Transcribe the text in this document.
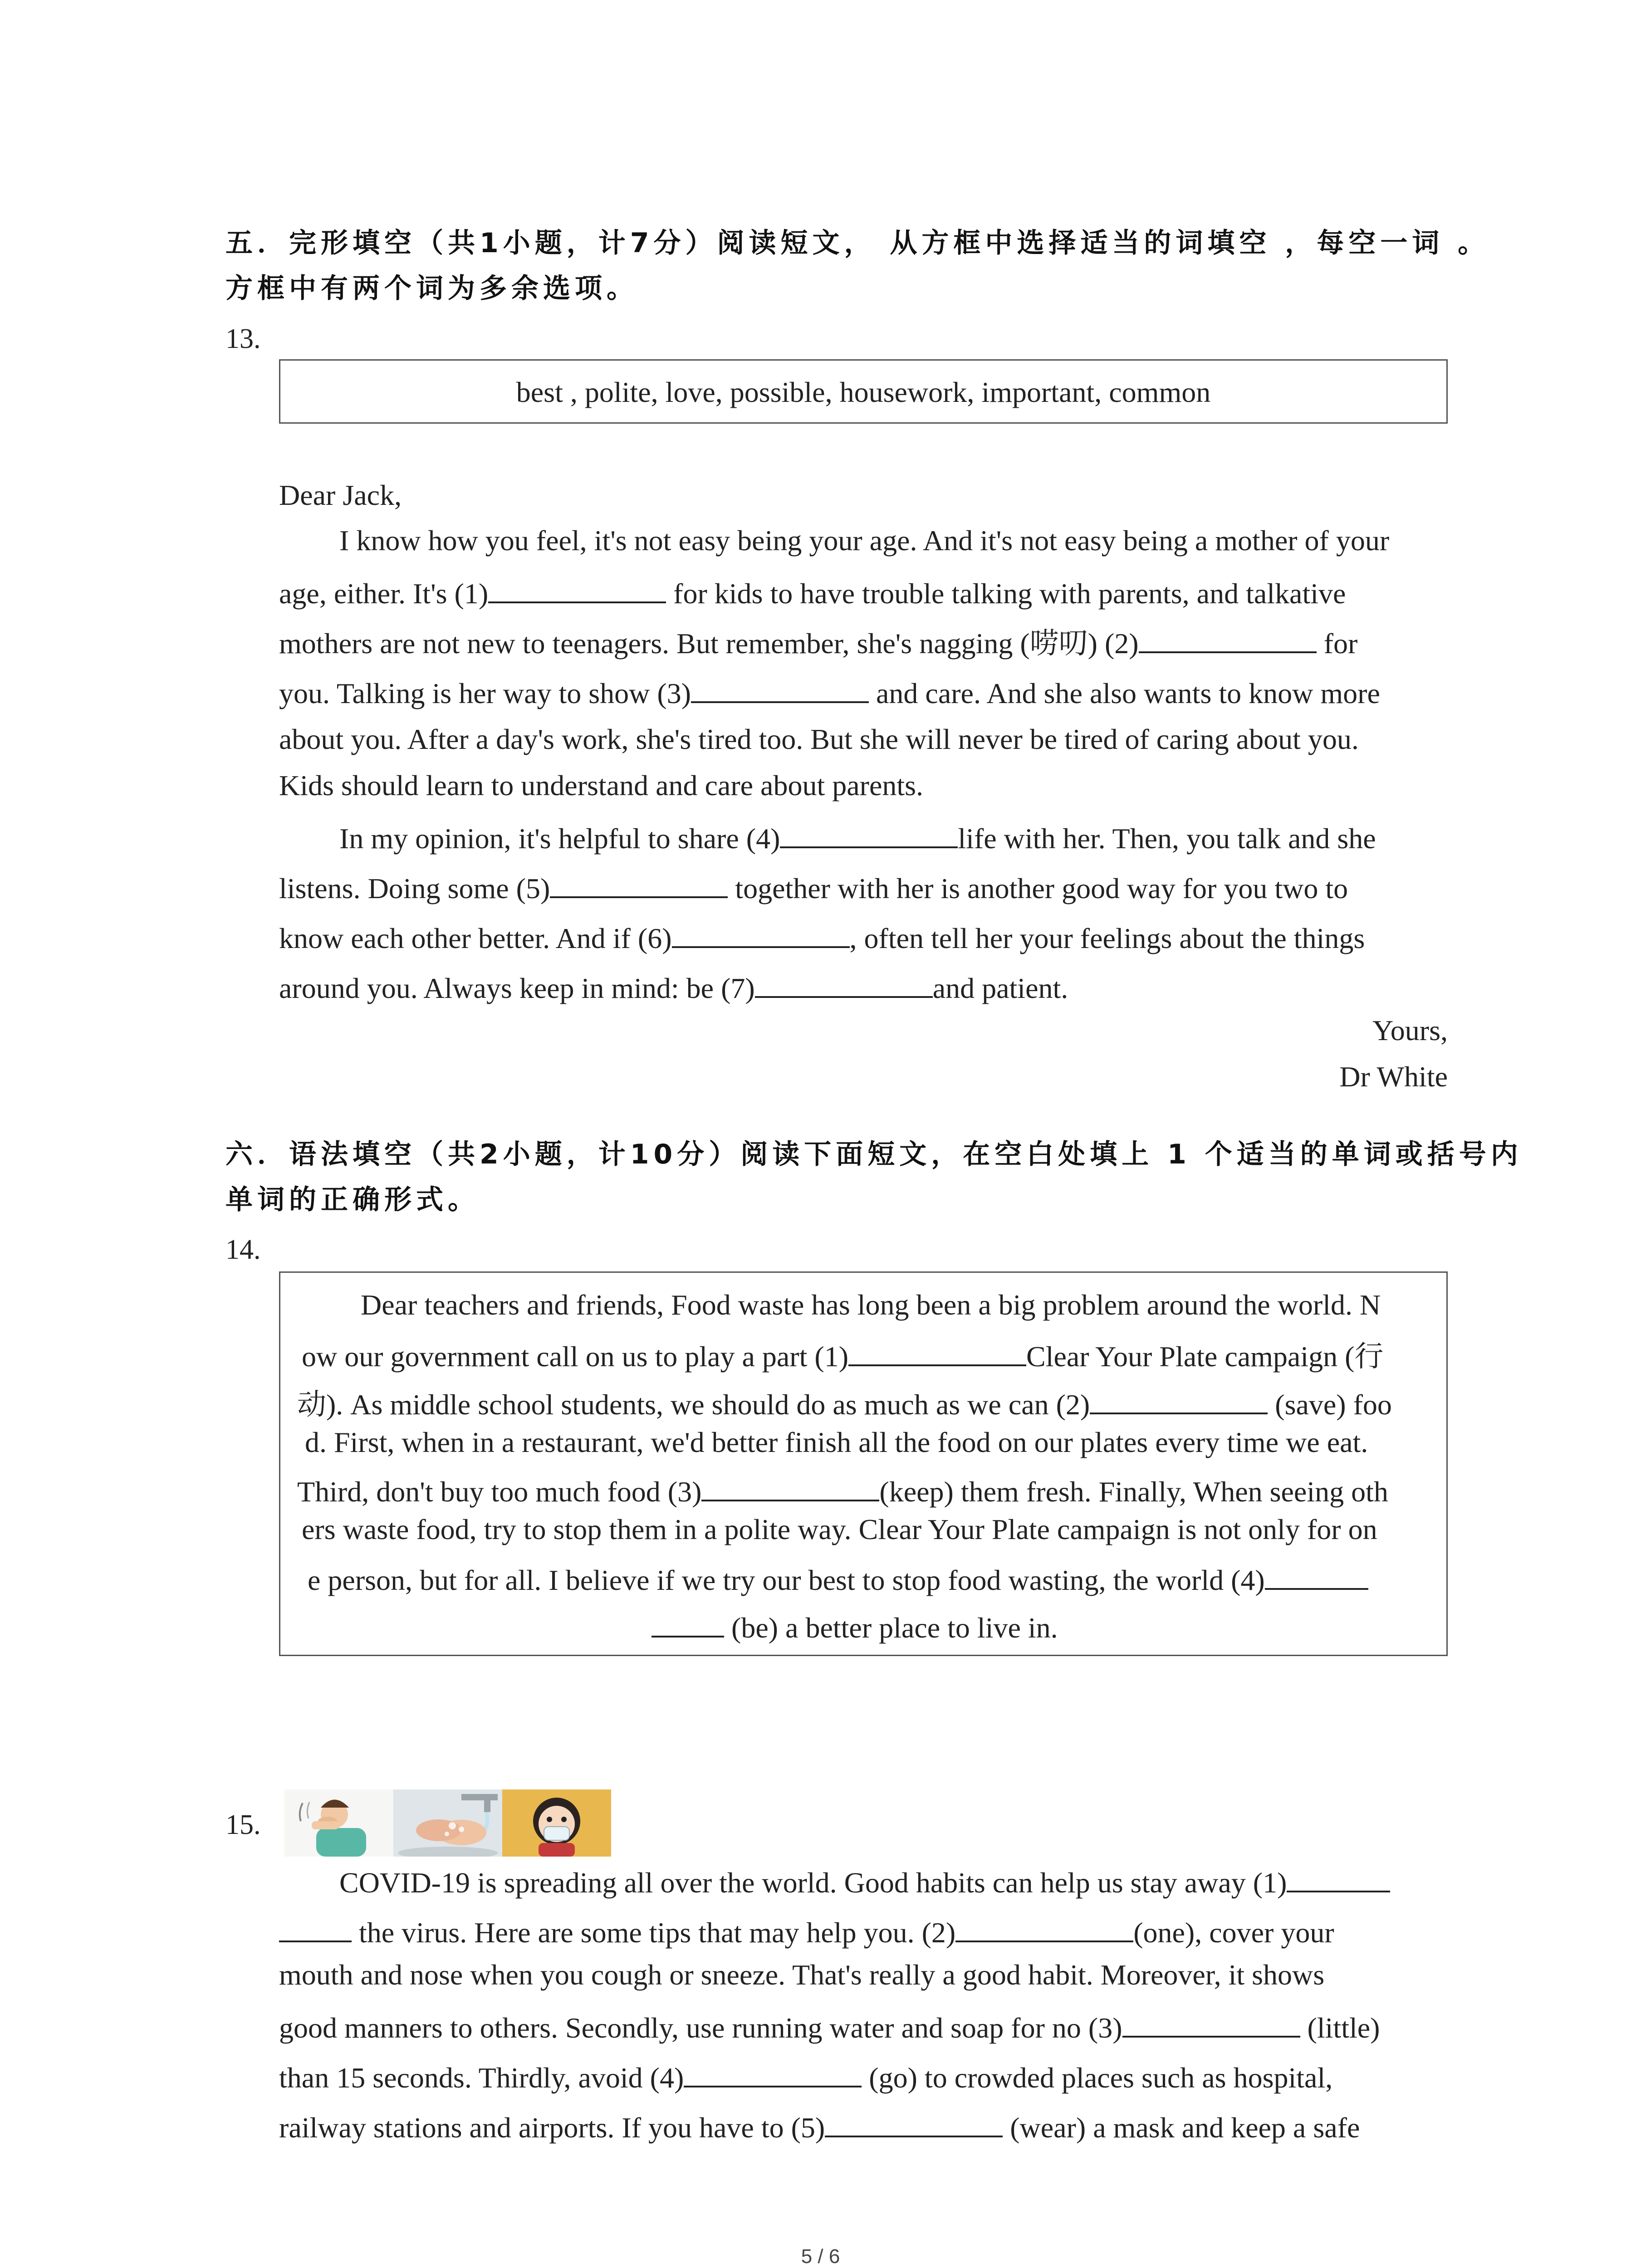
五．完形填空（共1小题，计7分）阅读短文， 从方框中选择适当的词填空 ，每空一词 。
方框中有两个词为多余选项。
13.
best , polite, love, possible, housework, important, common
Dear Jack,
I know how you feel, it's not easy being your age. And it's not easy being a mother of your
age, either. It's (1)	for kids to have trouble talking with parents, and talkative
mothers are not new to teenagers. But remember, she's nagging (唠叨) (2)	for
you. Talking is her way to show (3)	and care. And she also wants to know more
about you. After a day's work, she's tired too. But she will never be tired of caring about you.
Kids should learn to understand and care about parents.
In my opinion, it's helpful to share (4)	life with her. Then, you talk and she
listens. Doing some (5)	together with her is another good way for you two to
know each other better. And if (6)	, often tell her your feelings about the things
around you. Always keep in mind: be (7)	and patient.
Yours,
Dr White
六．语法填空（共2小题，计10分）阅读下面短文，在空白处填上 1 个适当的单词或括号内
单词的正确形式。
14.
Dear teachers and friends, Food waste has long been a big problem around the world. N
ow our government call on us to play a part (1)	Clear Your Plate campaign (行
动). As middle school students, we should do as much as we can (2)	(save) foo
d. First, when in a restaurant, we'd better finish all the food on our plates every time we eat.
Third, don't buy too much food (3)	(keep) them fresh. Finally, When seeing oth
ers waste food, try to stop them in a polite way. Clear Your Plate campaign is not only for on
e person, but for all. I believe if we try our best to stop food wasting, the world (4)
(be) a better place to live in.
15.
COVID-19 is spreading all over the world. Good habits can help us stay away (1)
the virus. Here are some tips that may help you. (2)	(one), cover your
mouth and nose when you cough or sneeze. That's really a good habit. Moreover, it shows
good manners to others. Secondly, use running water and soap for no (3)	(little)
than 15 seconds. Thirdly, avoid (4)	(go) to crowded places such as hospital,
railway stations and airports. If you have to (5)	(wear) a mask and keep a safe
5 / 6
